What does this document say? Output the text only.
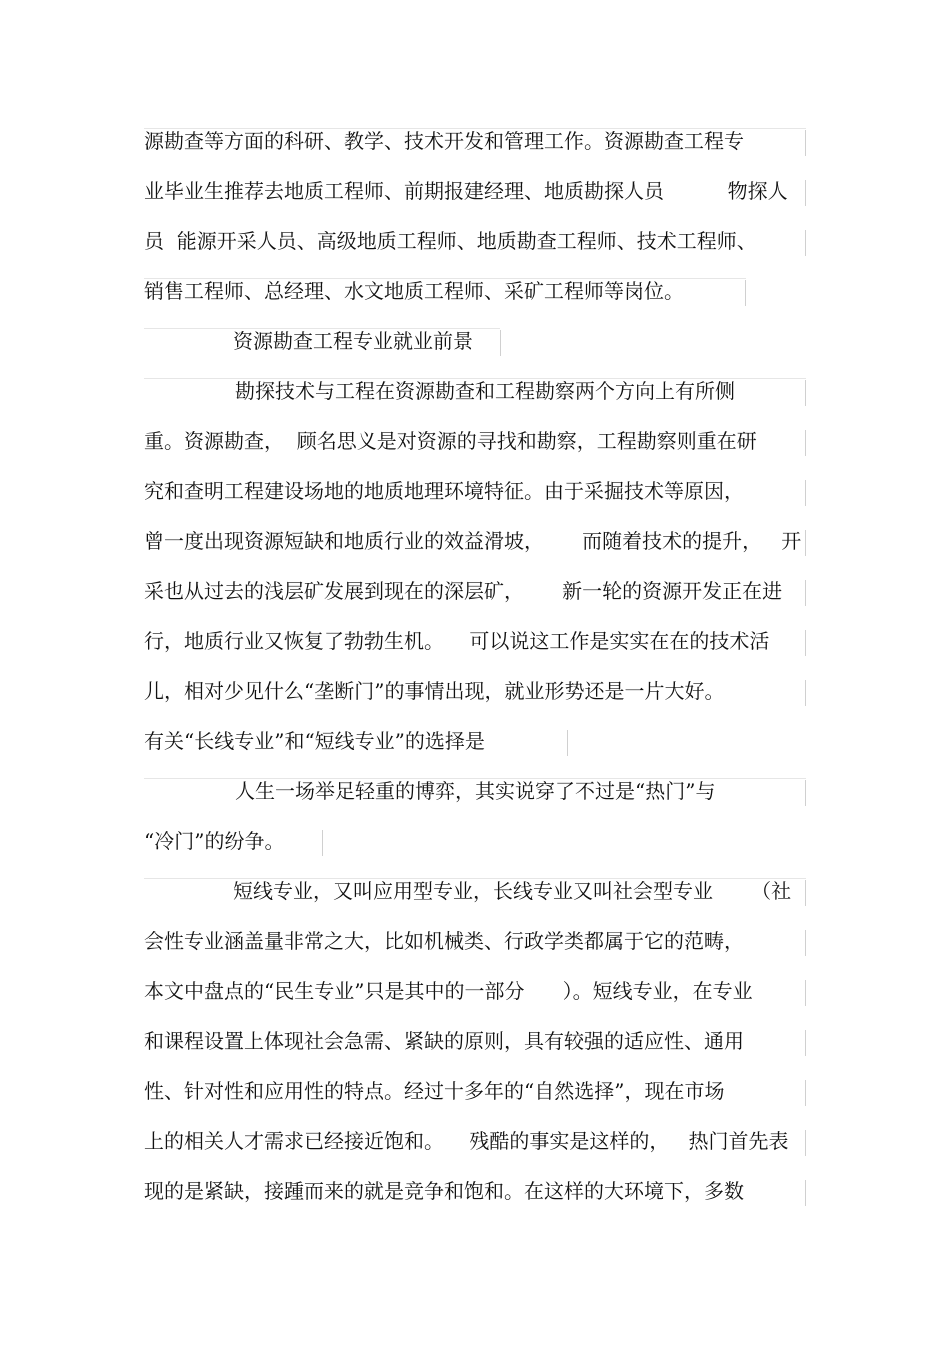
源勘查等方面的科研、教学、技术开发和管理工作。资源勘查工程专
业毕业生推荐去地质工程师、前期报建经理、地质勘探人员          物探人
员  能源开采人员、高级地质工程师、地质勘查工程师、技术工程师、
销售工程师、总经理、水文地质工程师、采矿工程师等岗位。
资源勘查工程专业就业前景
勘探技术与工程在资源勘查和工程勘察两个方向上有所侧
重。资源勘查，  顾名思义是对资源的寻找和勘察，工程勘察则重在研
究和查明工程建设场地的地质地理环境特征。由于采掘技术等原因，
曾一度出现资源短缺和地质行业的效益滑坡，      而随着技术的提升，   开
采也从过去的浅层矿发展到现在的深层矿，      新一轮的资源开发正在进
行，地质行业又恢复了勃勃生机。    可以说这工作是实实在在的技术活
儿，相对少见什么“垄断门”的事情出现，就业形势还是一片大好。
有关“长线专业”和“短线专业”的选择是
人生一场举足轻重的博弈，其实说穿了不过是“热门”与
“冷门”的纷争。
短线专业，又叫应用型专业，长线专业又叫社会型专业      （社
会性专业涵盖量非常之大，比如机械类、行政学类都属于它的范畴，
本文中盘点的“民生专业”只是其中的一部分      ）。短线专业，在专业
和课程设置上体现社会急需、紧缺的原则，具有较强的适应性、通用
性、针对性和应用性的特点。经过十多年的“自然选择”，现在市场
上的相关人才需求已经接近饱和。    残酷的事实是这样的，   热门首先表
现的是紧缺，接踵而来的就是竞争和饱和。在这样的大环境下，多数
